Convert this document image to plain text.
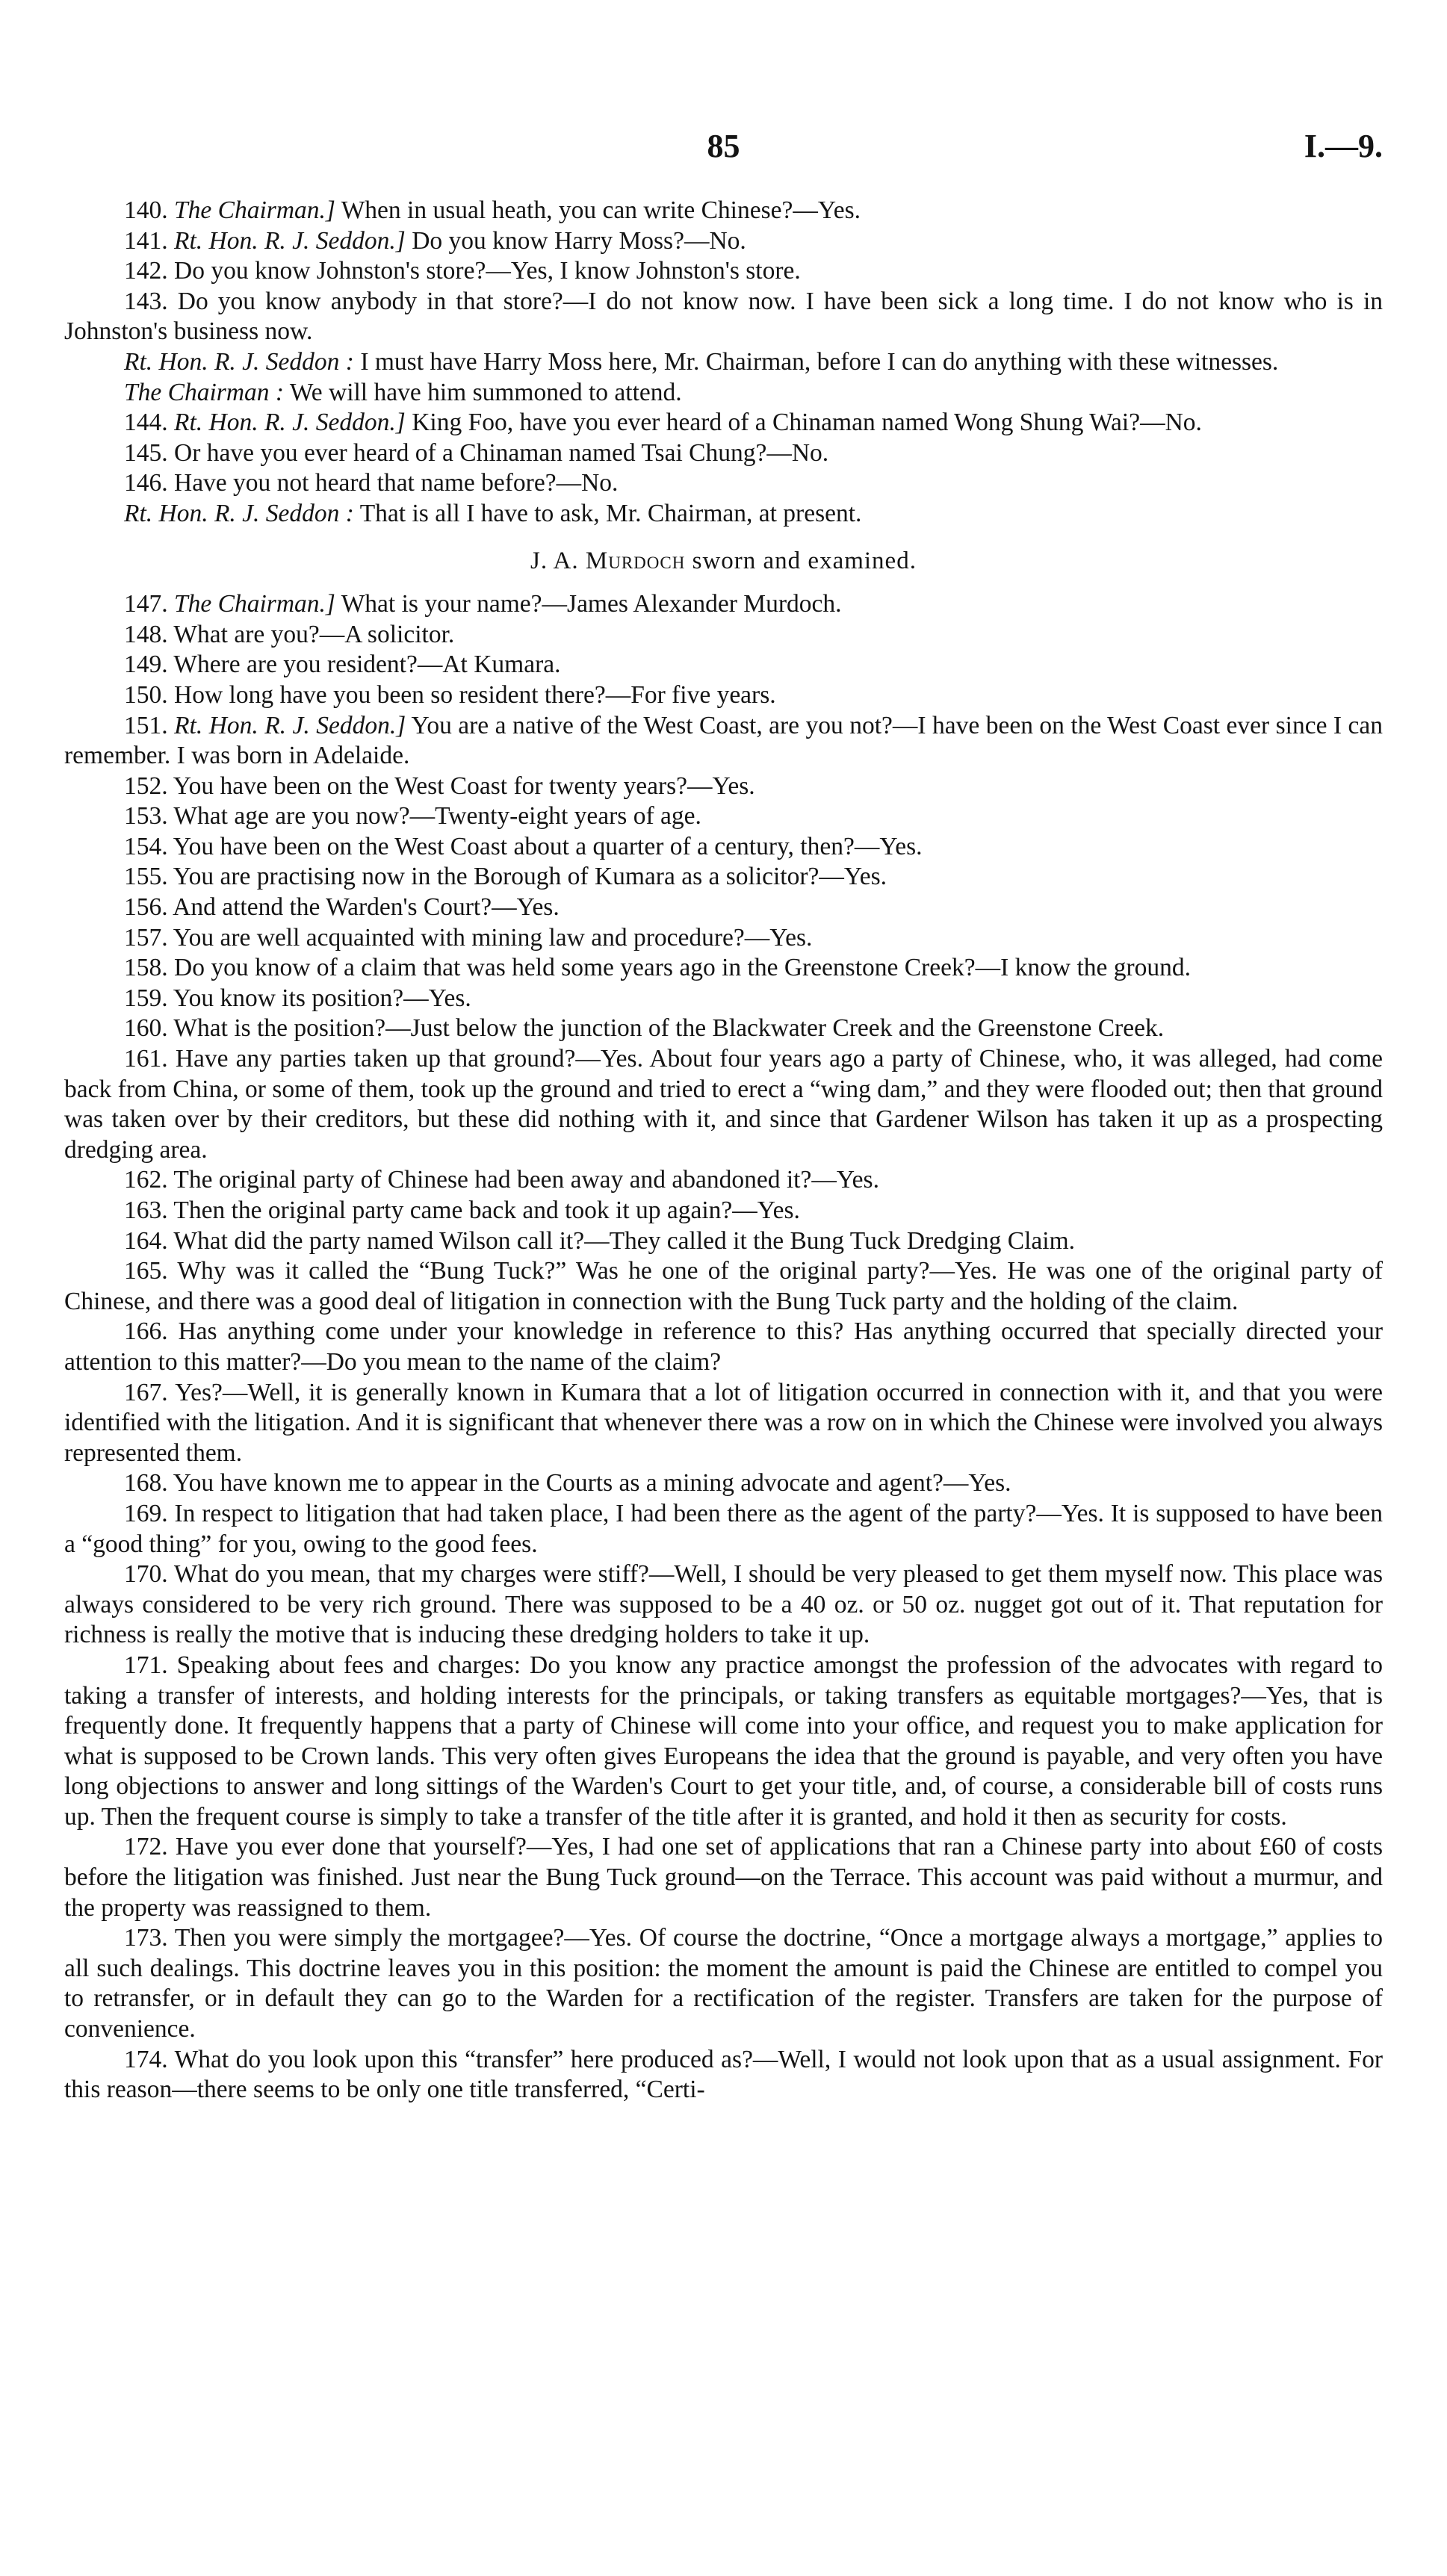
85	I.—9.

140. The Chairman.] When in usual heath, you can write Chinese?—Yes.

141. Rt. Hon. R. J. Seddon.] Do you know Harry Moss?—No.

142. Do you know Johnston's store?—Yes, I know Johnston's store.

143. Do you know anybody in that store?—I do not know now. I have been sick a long time. I do not know who is in Johnston's business now.

Rt. Hon. R. J. Seddon : I must have Harry Moss here, Mr. Chairman, before I can do anything with these witnesses.

The Chairman : We will have him summoned to attend.

144. Rt. Hon. R. J. Seddon.] King Foo, have you ever heard of a Chinaman named Wong Shung Wai?—No.

145. Or have you ever heard of a Chinaman named Tsai Chung?—No.

146. Have you not heard that name before?—No.

Rt. Hon. R. J. Seddon : That is all I have to ask, Mr. Chairman, at present.

J. A. Murdoch sworn and examined.

147. The Chairman.] What is your name?—James Alexander Murdoch.

148. What are you?—A solicitor.

149. Where are you resident?—At Kumara.

150. How long have you been so resident there?—For five years.

151. Rt. Hon. R. J. Seddon.] You are a native of the West Coast, are you not?—I have been on the West Coast ever since I can remember. I was born in Adelaide.

152. You have been on the West Coast for twenty years?—Yes.

153. What age are you now?—Twenty-eight years of age.

154. You have been on the West Coast about a quarter of a century, then?—Yes.

155. You are practising now in the Borough of Kumara as a solicitor?—Yes.

156. And attend the Warden's Court?—Yes.

157. You are well acquainted with mining law and procedure?—Yes.

158. Do you know of a claim that was held some years ago in the Greenstone Creek?—I know the ground.

159. You know its position?—Yes.

160. What is the position?—Just below the junction of the Blackwater Creek and the Greenstone Creek.

161. Have any parties taken up that ground?—Yes. About four years ago a party of Chinese, who, it was alleged, had come back from China, or some of them, took up the ground and tried to erect a “wing dam,” and they were flooded out; then that ground was taken over by their creditors, but these did nothing with it, and since that Gardener Wilson has taken it up as a prospecting dredging area.

162. The original party of Chinese had been away and abandoned it?—Yes.

163. Then the original party came back and took it up again?—Yes.

164. What did the party named Wilson call it?—They called it the Bung Tuck Dredging Claim.

165. Why was it called the “Bung Tuck?” Was he one of the original party?—Yes. He was one of the original party of Chinese, and there was a good deal of litigation in connection with the Bung Tuck party and the holding of the claim.

166. Has anything come under your knowledge in reference to this? Has anything occurred that specially directed your attention to this matter?—Do you mean to the name of the claim?

167. Yes?—Well, it is generally known in Kumara that a lot of litigation occurred in connection with it, and that you were identified with the litigation. And it is significant that whenever there was a row on in which the Chinese were involved you always represented them.

168. You have known me to appear in the Courts as a mining advocate and agent?—Yes.

169. In respect to litigation that had taken place, I had been there as the agent of the party?—Yes. It is supposed to have been a “good thing” for you, owing to the good fees.

170. What do you mean, that my charges were stiff?—Well, I should be very pleased to get them myself now. This place was always considered to be very rich ground. There was supposed to be a 40 oz. or 50 oz. nugget got out of it. That reputation for richness is really the motive that is inducing these dredging holders to take it up.

171. Speaking about fees and charges: Do you know any practice amongst the profession of the advocates with regard to taking a transfer of interests, and holding interests for the principals, or taking transfers as equitable mortgages?—Yes, that is frequently done. It frequently happens that a party of Chinese will come into your office, and request you to make application for what is supposed to be Crown lands. This very often gives Europeans the idea that the ground is payable, and very often you have long objections to answer and long sittings of the Warden's Court to get your title, and, of course, a considerable bill of costs runs up. Then the frequent course is simply to take a transfer of the title after it is granted, and hold it then as security for costs.

172. Have you ever done that yourself?—Yes, I had one set of applications that ran a Chinese party into about £60 of costs before the litigation was finished. Just near the Bung Tuck ground—on the Terrace. This account was paid without a murmur, and the property was reassigned to them.

173. Then you were simply the mortgagee?—Yes. Of course the doctrine, “Once a mortgage always a mortgage,” applies to all such dealings. This doctrine leaves you in this position: the moment the amount is paid the Chinese are entitled to compel you to retransfer, or in default they can go to the Warden for a rectification of the register. Transfers are taken for the purpose of convenience.

174. What do you look upon this “transfer” here produced as?—Well, I would not look upon that as a usual assignment. For this reason—there seems to be only one title transferred, “Certi-
